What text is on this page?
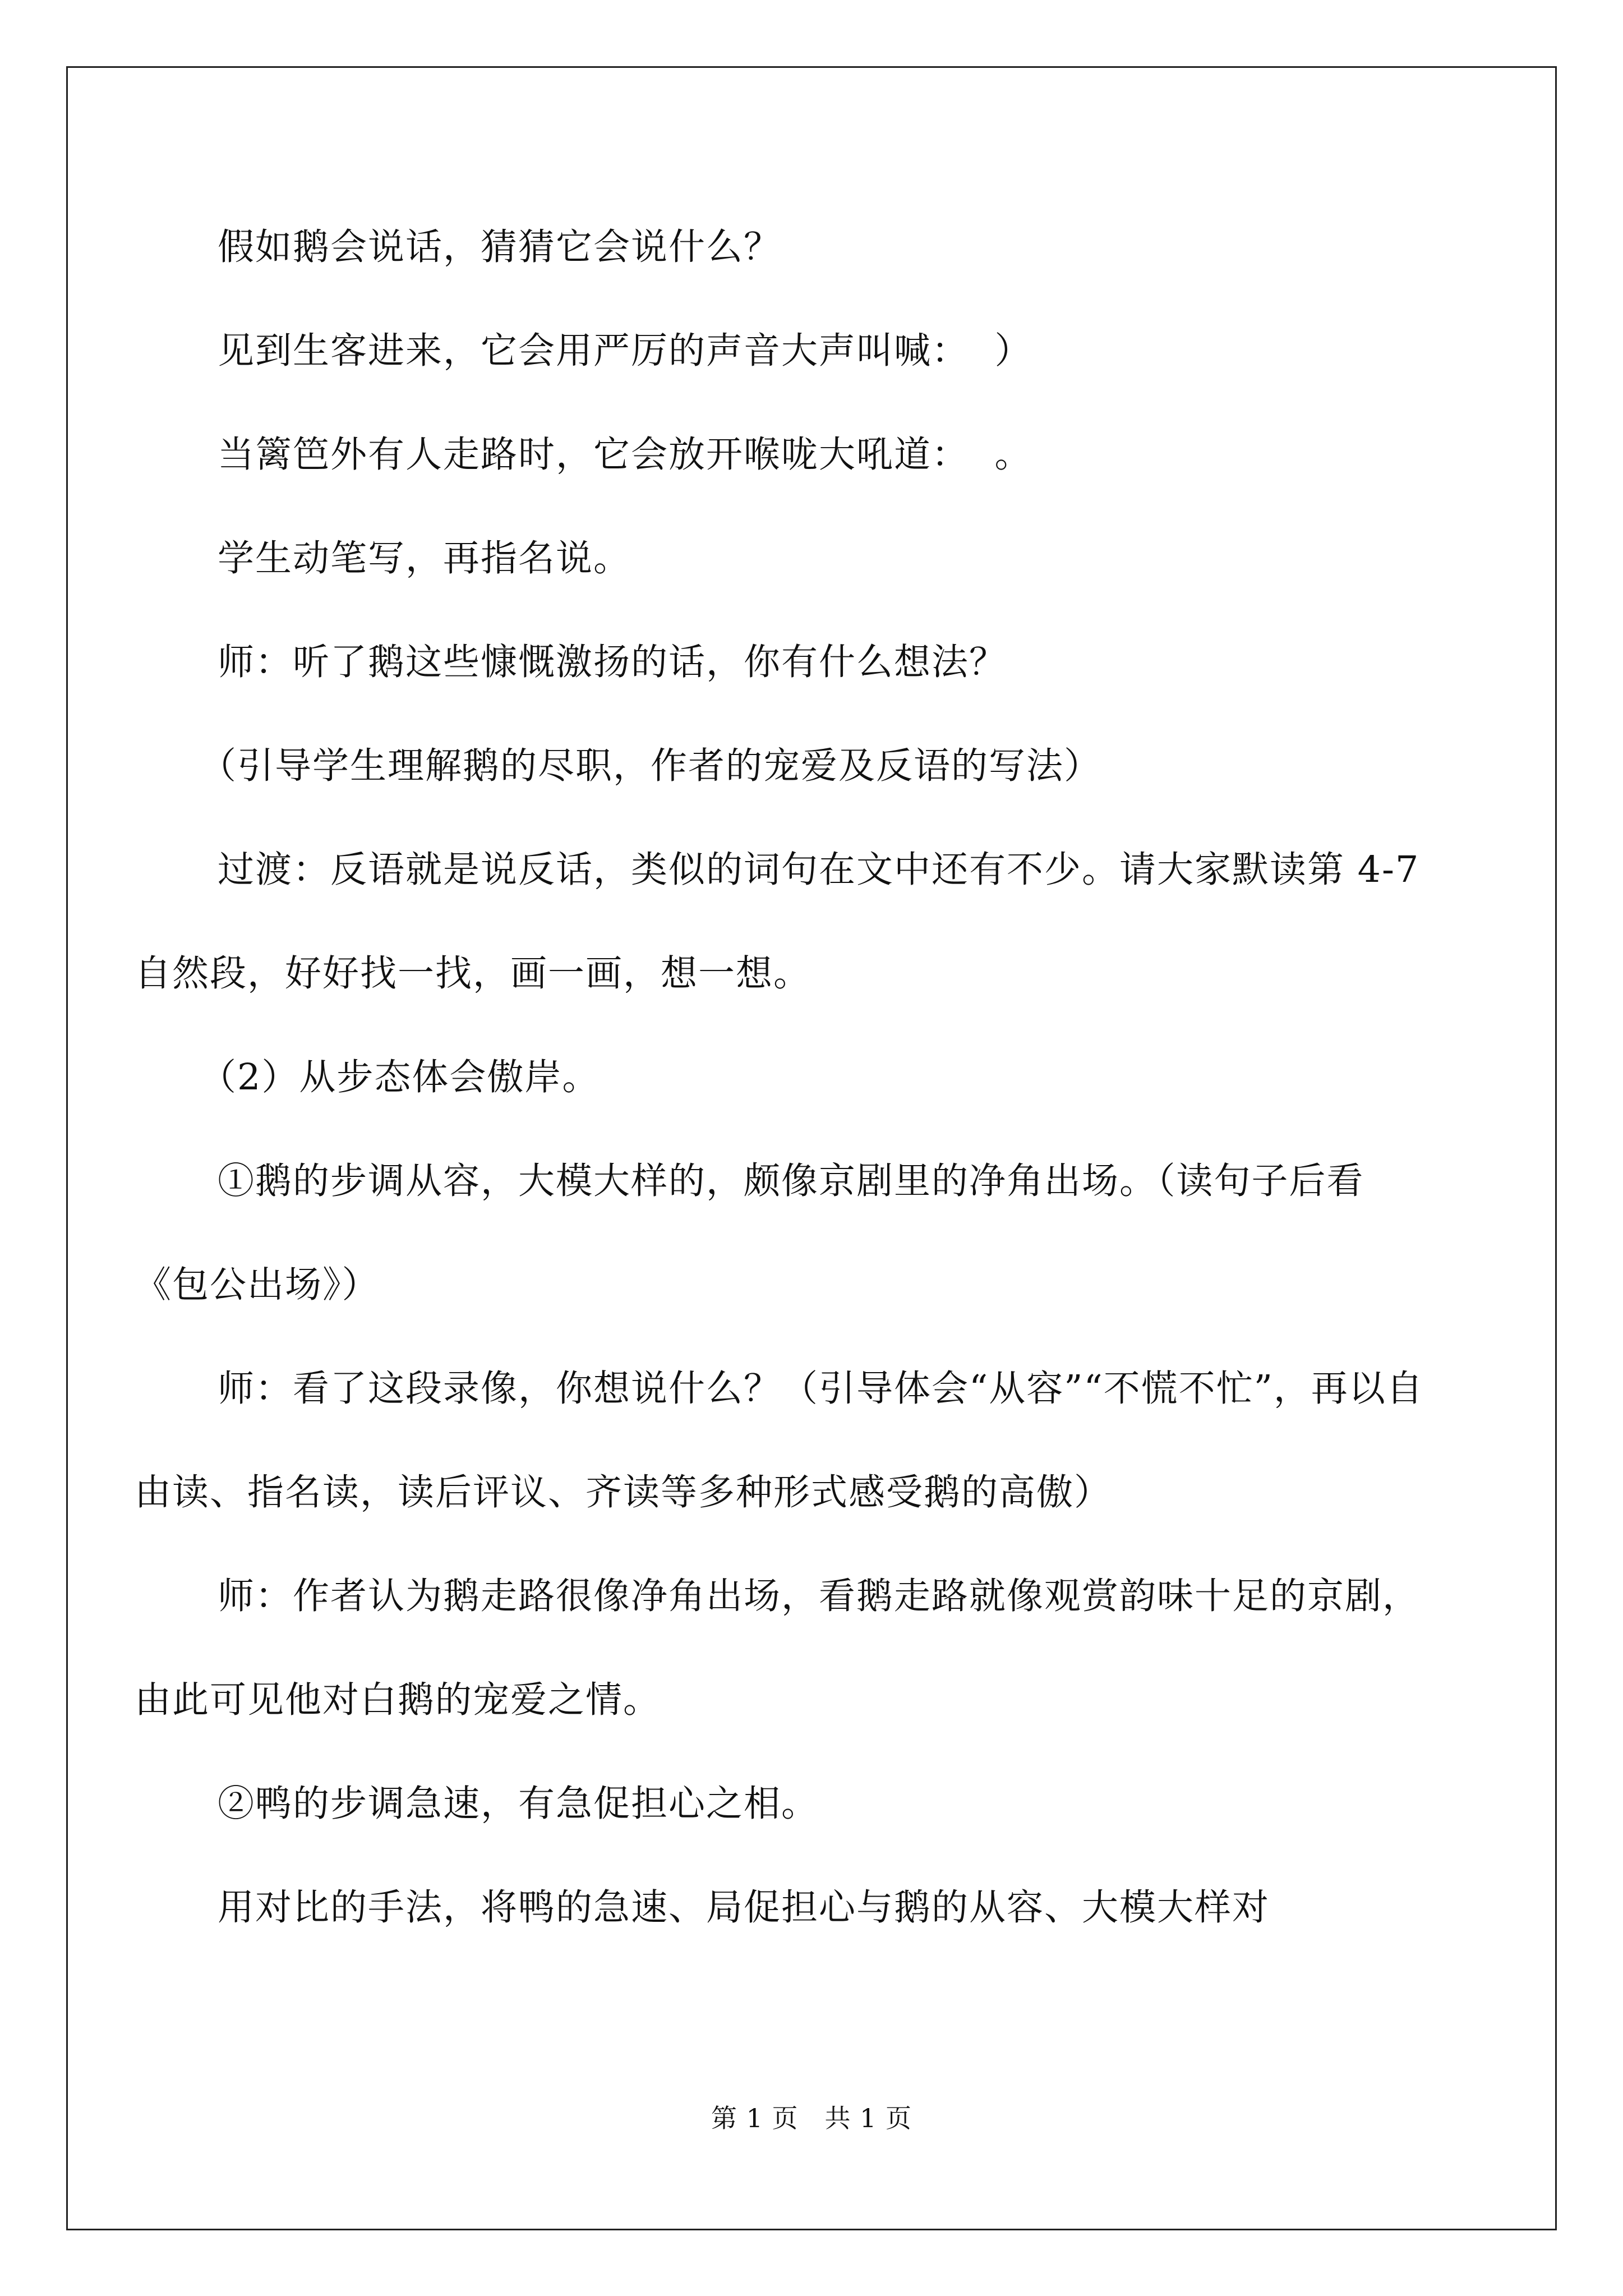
假如鹅会说话，猜猜它会说什么？

见到生客进来，它会用严厉的声音大声叫喊：  ）

当篱笆外有人走路时，它会放开喉咙大吼道：  。

学生动笔写，再指名说。

师：听了鹅这些慷慨激扬的话，你有什么想法？

（引导学生理解鹅的尽职，作者的宠爱及反语的写法）

过渡：反语就是说反话，类似的词句在文中还有不少。请大家默读第 4-7 自然段，好好找一找，画一画，想一想。

（2）从步态体会傲岸。

①鹅的步调从容，大模大样的，颇像京剧里的净角出场。（读句子后看《包公出场》）

师：看了这段录像，你想说什么？（引导体会“从容”“不慌不忙”，再以自由读、指名读，读后评议、齐读等多种形式感受鹅的高傲）

师：作者认为鹅走路很像净角出场，看鹅走路就像观赏韵味十足的京剧，由此可见他对白鹅的宠爱之情。

②鸭的步调急速，有急促担心之相。

用对比的手法，将鸭的急速、局促担心与鹅的从容、大模大样对

第 1 页　共 1 页
